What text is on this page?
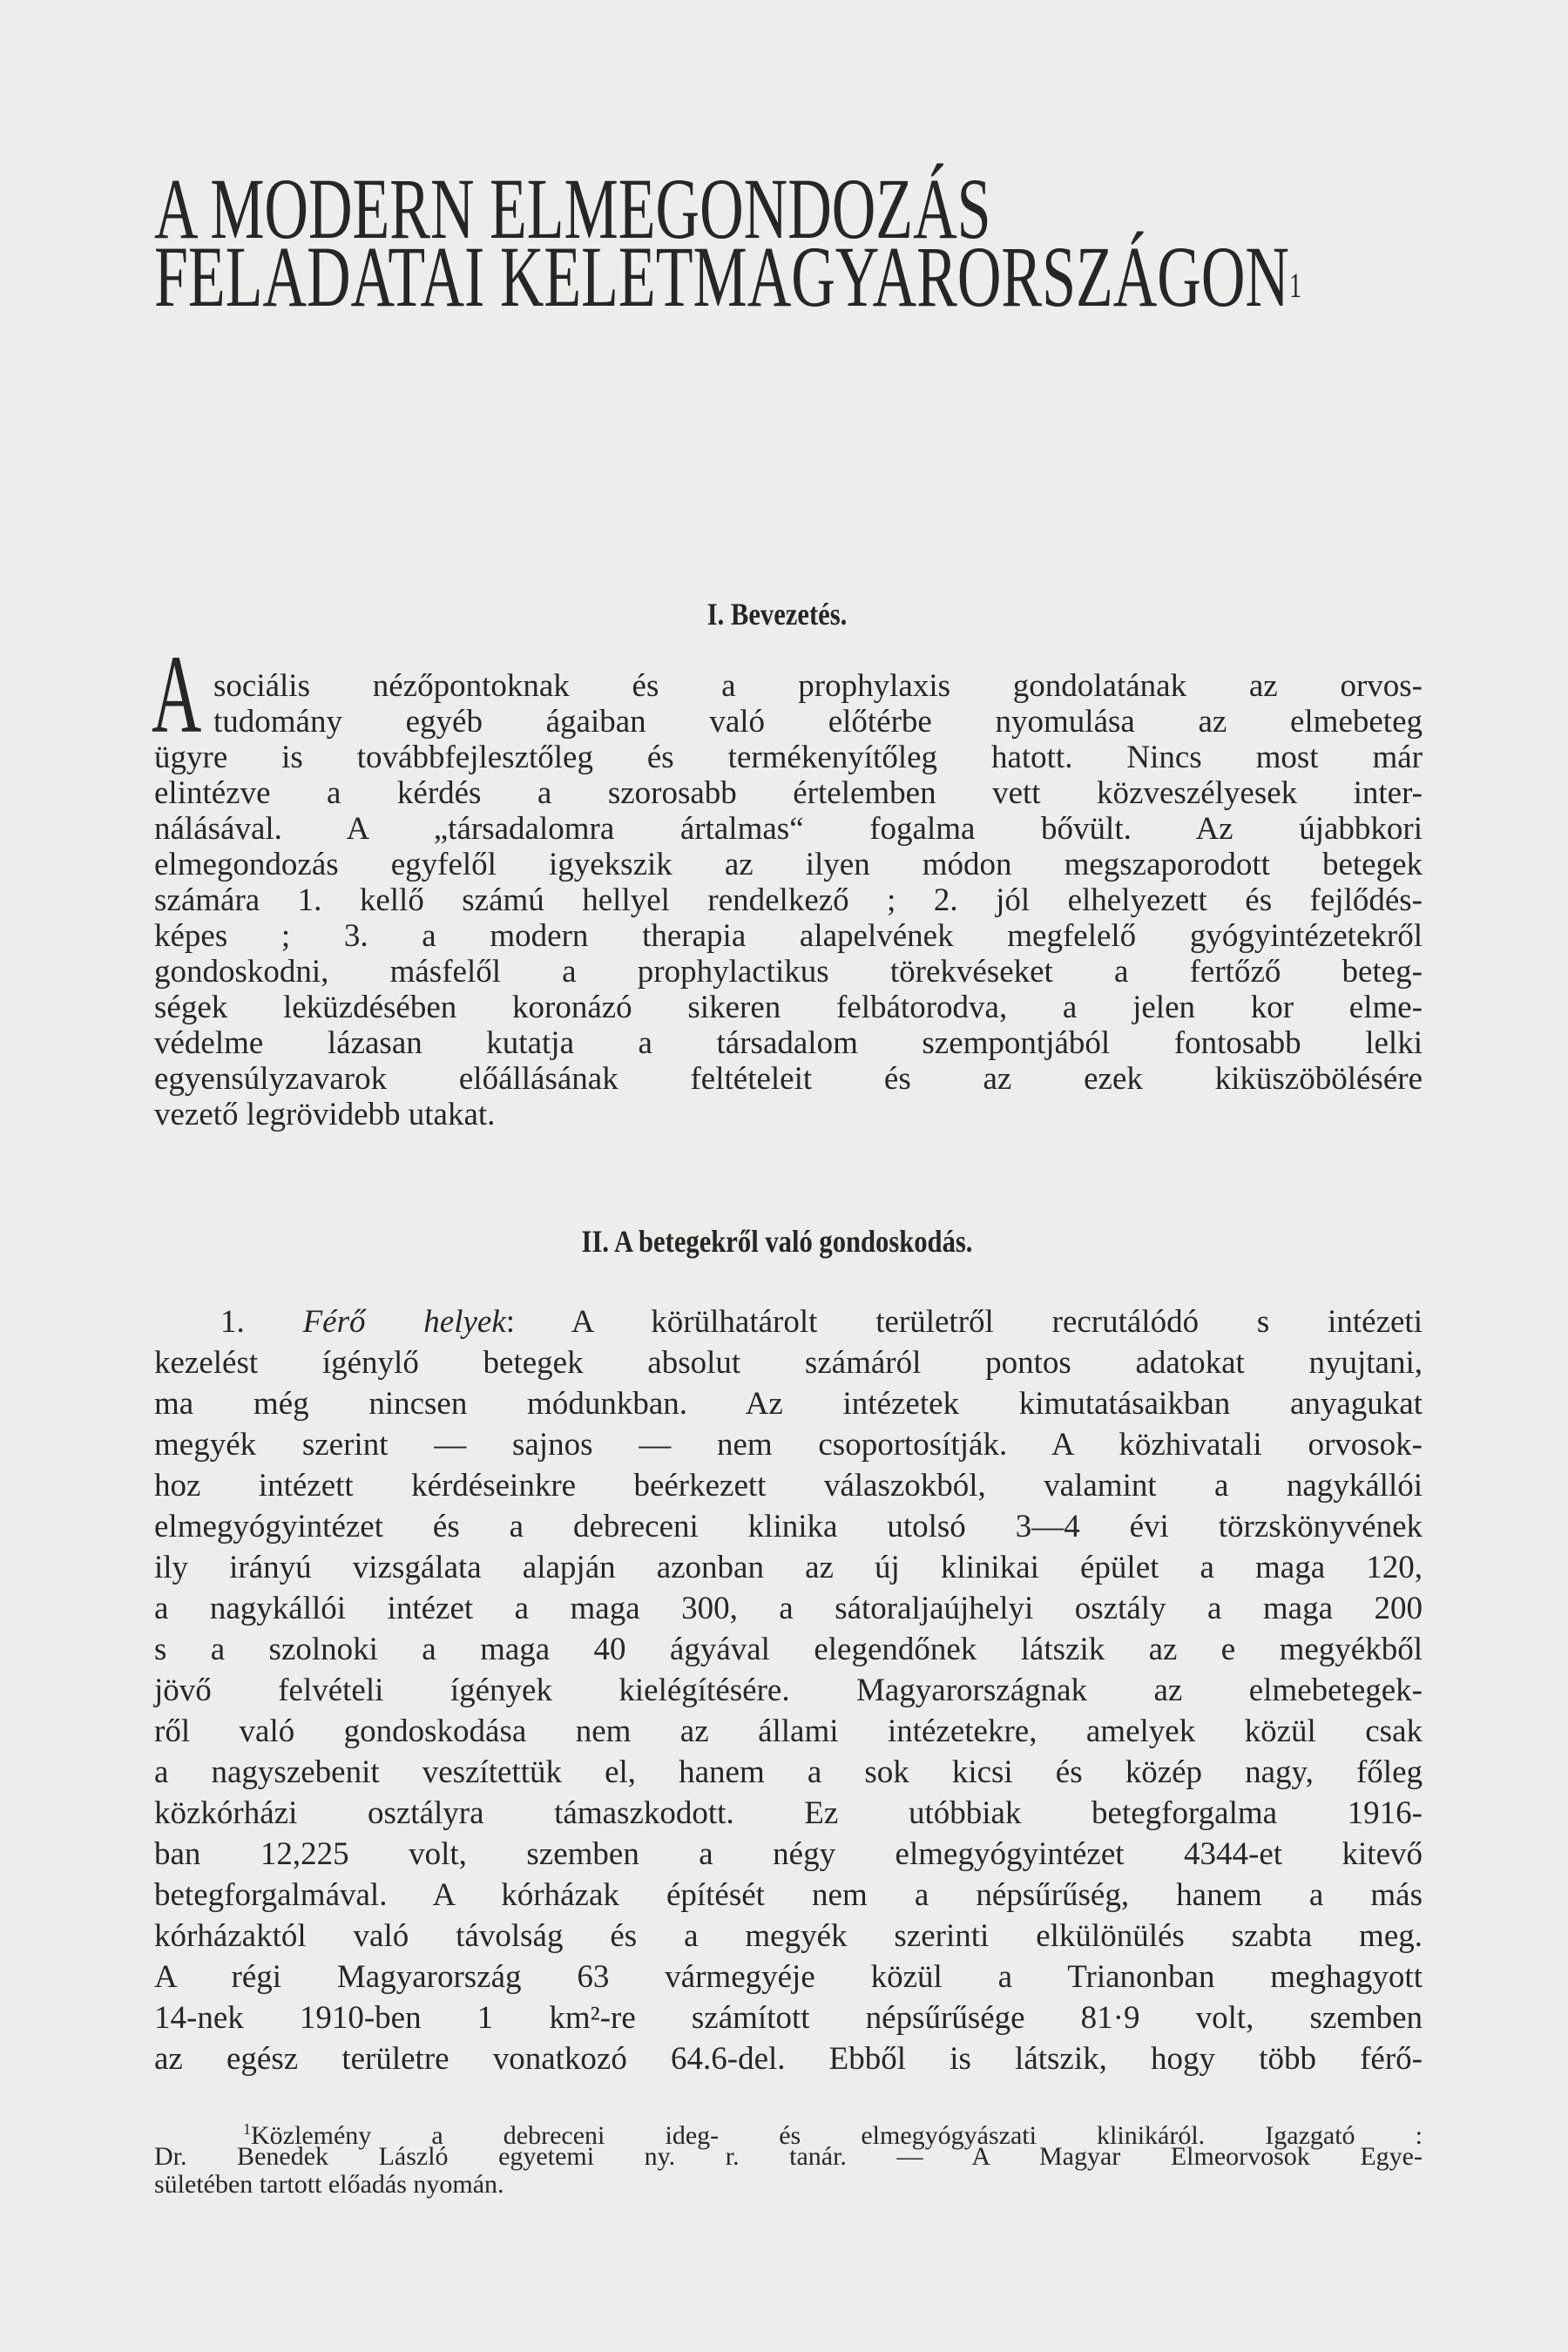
A MODERN ELMEGONDOZÁS
FELADATAI KELETMAGYARORSZÁGON$^1$
I. Bevezetés.
A sociális nézőpontoknak és a prophylaxis gondolatának az orvos-
tudomány egyéb ágaiban való előtérbe nyomulása az elmebeteg
ügyre is továbbfejlesztőleg és termékenyítőleg hatott. Nincs most már
elintézve a kérdés a szorosabb értelemben vett közveszélyesek inter-
nálásával. A „társadalomra ártalmas“ fogalma bővült. Az újabbkori
elmegondozás egyfelől igyekszik az ilyen módon megszaporodott betegek
számára 1. kellő számú hellyel rendelkező ; 2. jól elhelyezett és fejlődés-
képes ; 3. a modern therapia alapelvének megfelelő gyógyintézetekről
gondoskodni, másfelől a prophylactikus törekvéseket a fertőző beteg-
ségek leküzdésében koronázó sikeren felbátorodva, a jelen kor elme-
védelme lázasan kutatja a társadalom szempontjából fontosabb lelki
egyensúlyzavarok előállásának feltételeit és az ezek kiküszöbölésére
vezető legrövidebb utakat.
II. A betegekről való gondoskodás.
1. Férő helyek: A körülhatárolt területről recrutálódó s intézeti
kezelést ígénylő betegek absolut számáról pontos adatokat nyujtani,
ma még nincsen módunkban. Az intézetek kimutatásaikban anyagukat
megyék szerint — sajnos — nem csoportosítják. A közhivatali orvosok-
hoz intézett kérdéseinkre beérkezett válaszokból, valamint a nagykállói
elmegyógyintézet és a debreceni klinika utolsó 3—4 évi törzskönyvének
ily irányú vizsgálata alapján azonban az új klinikai épület a maga 120,
a nagykállói intézet a maga 300, a sátoraljaújhelyi osztály a maga 200
s a szolnoki a maga 40 ágyával elegendőnek látszik az e megyékből
jövő felvételi ígények kielégítésére. Magyarországnak az elmebetegek-
ről való gondoskodása nem az állami intézetekre, amelyek közül csak
a nagyszebenit veszítettük el, hanem a sok kicsi és közép nagy, főleg
közkórházi osztályra támaszkodott. Ez utóbbiak betegforgalma 1916-
ban 12,225 volt, szemben a négy elmegyógyintézet 4344-et kitevő
betegforgalmával. A kórházak építését nem a népsűrűség, hanem a más
kórházaktól való távolság és a megyék szerinti elkülönülés szabta meg.
A régi Magyarország 63 vármegyéje közül a Trianonban meghagyott
14-nek 1910-ben 1 km²-re számított népsűrűsége 81·9 volt, szemben
az egész területre vonatkozó 64.6-del. Ebből is látszik, hogy több férő-
$^1$Közlemény a debreceni ideg- és elmegyógyászati klinikáról. Igazgató :
Dr. Benedek László egyetemi ny. r. tanár. — A Magyar Elmeorvosok Egye-
sületében tartott előadás nyomán.
